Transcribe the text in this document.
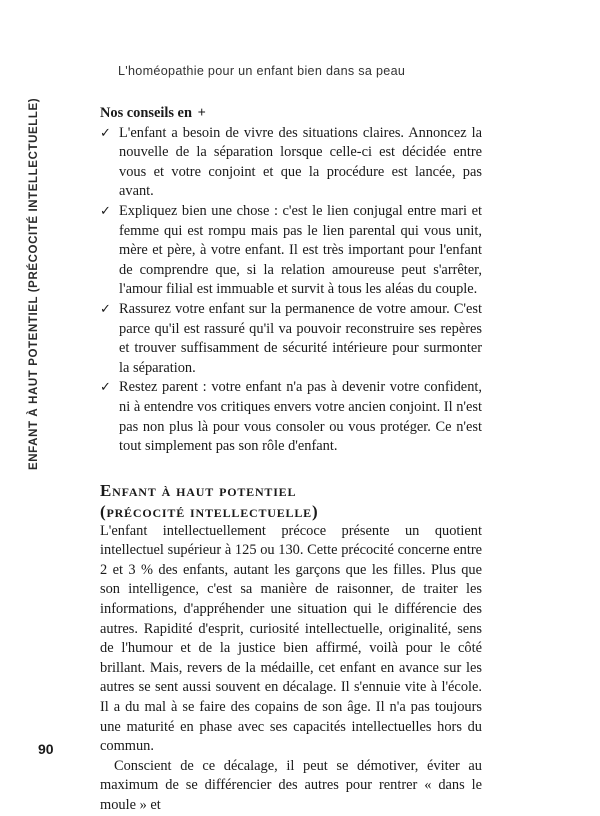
L'homéopathie pour un enfant bien dans sa peau
ENFANT À HAUT POTENTIEL (PRÉCOCITÉ INTELLECTUELLE)	Nos conseils en +

✓ L'enfant a besoin de vivre des situations claires. Annoncez la nouvelle de la séparation lorsque celle-ci est décidée entre vous et votre conjoint et que la procédure est lancée, pas avant.
✓ Expliquez bien une chose : c'est le lien conjugal entre mari et femme qui est rompu mais pas le lien parental qui vous unit, mère et père, à votre enfant. Il est très important pour l'enfant de comprendre que, si la relation amoureuse peut s'arrêter, l'amour filial est immuable et survit à tous les aléas du couple.
✓ Rassurez votre enfant sur la permanence de votre amour. C'est parce qu'il est rassuré qu'il va pouvoir reconstruire ses repères et trouver suffisamment de sécurité intérieure pour surmonter la séparation.
✓ Restez parent : votre enfant n'a pas à devenir votre confident, ni à entendre vos critiques envers votre ancien conjoint. Il n'est pas non plus là pour vous consoler ou vous protéger. Ce n'est tout simplement pas son rôle d'enfant.
Enfant à haut potentiel
(précocité intellectuelle)

L'enfant intellectuellement précoce présente un quotient intellectuel supérieur à 125 ou 130. Cette précocité concerne entre 2 et 3 % des enfants, autant les garçons que les filles. Plus que son intelligence, c'est sa manière de raisonner, de traiter les informations, d'appréhender une situation qui le différencie des autres. Rapidité d'esprit, curiosité intellectuelle, originalité, sens de l'humour et de la justice bien affirmé, voilà pour le côté brillant. Mais, revers de la médaille, cet enfant en avance sur les autres se sent aussi souvent en décalage. Il s'ennuie vite à l'école. Il a du mal à se faire des copains de son âge. Il n'a pas toujours une maturité en phase avec ses capacités intellectuelles hors du commun.

Conscient de ce décalage, il peut se démotiver, éviter au maximum de se différencier des autres pour rentrer « dans le moule » et

90
